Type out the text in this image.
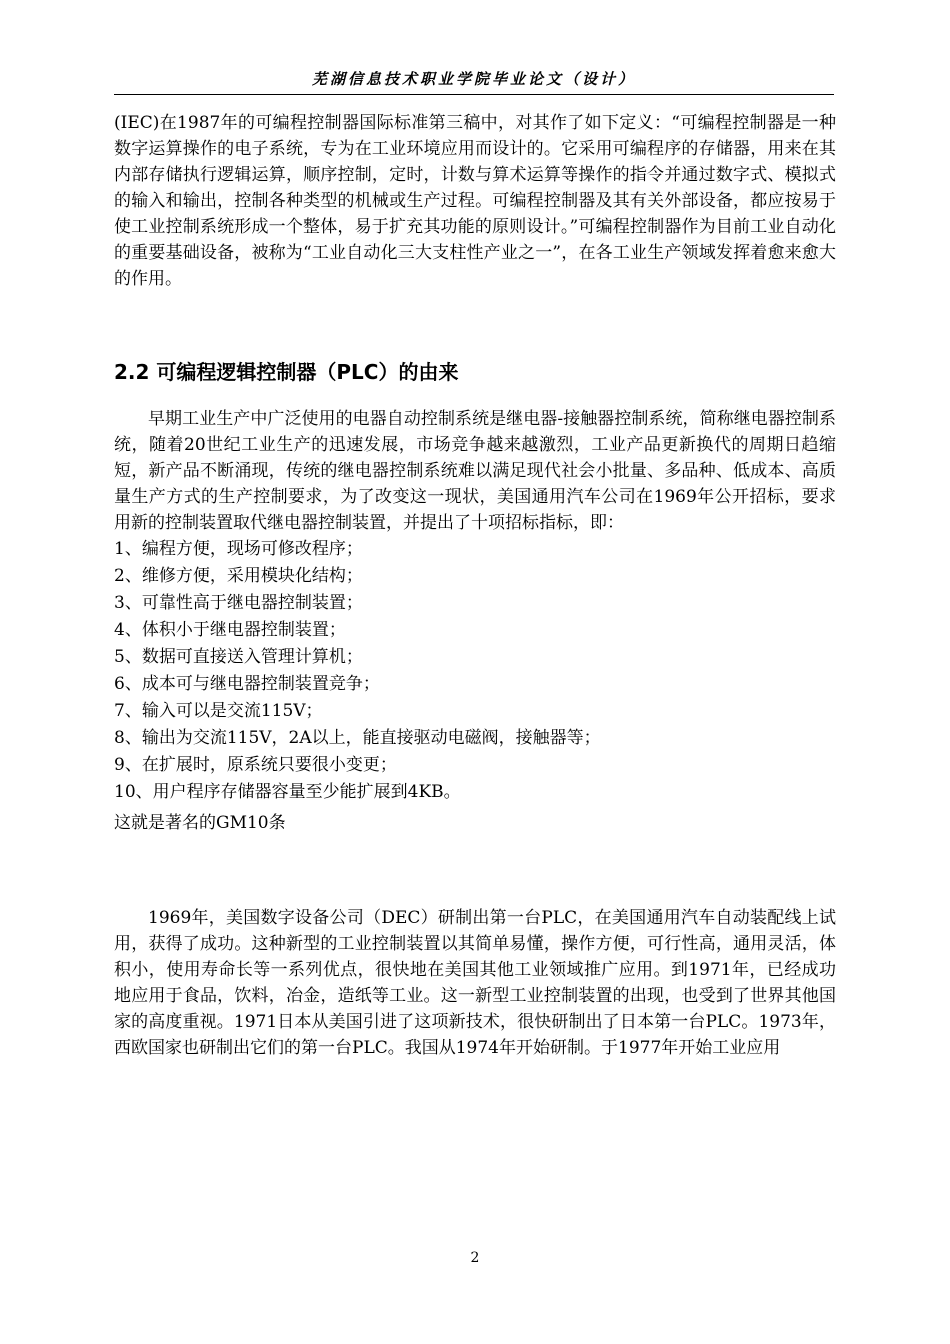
芜湖信息技术职业学院毕业论文（设计）

(IEC)在1987年的可编程控制器国际标准第三稿中，对其作了如下定义：“可编程控制器是一种数字运算操作的电子系统，专为在工业环境应用而设计的。它采用可编程序的存储器，用来在其内部存储执行逻辑运算，顺序控制，定时，计数与算术运算等操作的指令并通过数字式、模拟式的输入和输出，控制各种类型的机械或生产过程。可编程控制器及其有关外部设备，都应按易于使工业控制系统形成一个整体，易于扩充其功能的原则设计。”可编程控制器作为目前工业自动化的重要基础设备，被称为“工业自动化三大支柱性产业之一”，在各工业生产领域发挥着愈来愈大的作用。

2.2 可编程逻辑控制器（PLC）的由来

早期工业生产中广泛使用的电器自动控制系统是继电器-接触器控制系统，简称继电器控制系统，随着20世纪工业生产的迅速发展，市场竞争越来越激烈，工业产品更新换代的周期日趋缩短，新产品不断涌现，传统的继电器控制系统难以满足现代社会小批量、多品种、低成本、高质量生产方式的生产控制要求，为了改变这一现状，美国通用汽车公司在1969年公开招标，要求用新的控制装置取代继电器控制装置，并提出了十项招标指标，即：

1、编程方便，现场可修改程序；
2、维修方便，采用模块化结构；
3、可靠性高于继电器控制装置；
4、体积小于继电器控制装置；
5、数据可直接送入管理计算机；
6、成本可与继电器控制装置竞争；
7、输入可以是交流115V；
8、输出为交流115V，2A以上，能直接驱动电磁阀，接触器等；
9、在扩展时，原系统只要很小变更；
10、用户程序存储器容量至少能扩展到4KB。

这就是著名的GM10条

1969年，美国数字设备公司（DEC）研制出第一台PLC，在美国通用汽车自动装配线上试用，获得了成功。这种新型的工业控制装置以其简单易懂，操作方便，可行性高，通用灵活，体积小，使用寿命长等一系列优点，很快地在美国其他工业领域推广应用。到1971年，已经成功地应用于食品，饮料，冶金，造纸等工业。这一新型工业控制装置的出现，也受到了世界其他国家的高度重视。1971日本从美国引进了这项新技术，很快研制出了日本第一台PLC。1973年，西欧国家也研制出它们的第一台PLC。我国从1974年开始研制。于1977年开始工业应用

2
